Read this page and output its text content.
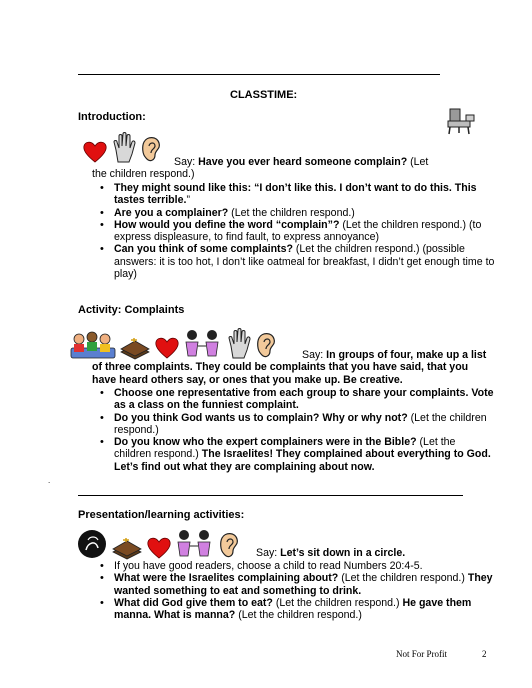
CLASSTIME:
Introduction:
Say: Have you ever heard someone complain? (Let the children respond.)
• They might sound like this: “I don’t like this. I don’t want to do this. This tastes terrible.”
• Are you a complainer? (Let the children respond.)
• How would you define the word “complain”? (Let the children respond.) (to express displeasure, to find fault, to express annoyance)
• Can you think of some complaints? (Let the children respond.) (possible answers: it is too hot, I don’t like oatmeal for breakfast, I didn’t get enough time to play)
Activity: Complaints
Say: In groups of four, make up a list of three complaints. They could be complaints that you have said, that you have heard others say, or ones that you make up. Be creative.
• Choose one representative from each group to share your complaints. Vote as a class on the funniest complaint.
• Do you think God wants us to complain? Why or why not? (Let the children respond.)
• Do you know who the expert complainers were in the Bible? (Let the children respond.) The Israelites! They complained about everything to God. Let’s find out what they are complaining about now.
.
Presentation/learning activities:
Say: Let’s sit down in a circle.
• If you have good readers, choose a child to read Numbers 20:4-5.
• What were the Israelites complaining about? (Let the children respond.) They wanted something to eat and something to drink.
• What did God give them to eat? (Let the children respond.) He gave them manna. What is manna? (Let the children respond.)
Not For Profit	2
